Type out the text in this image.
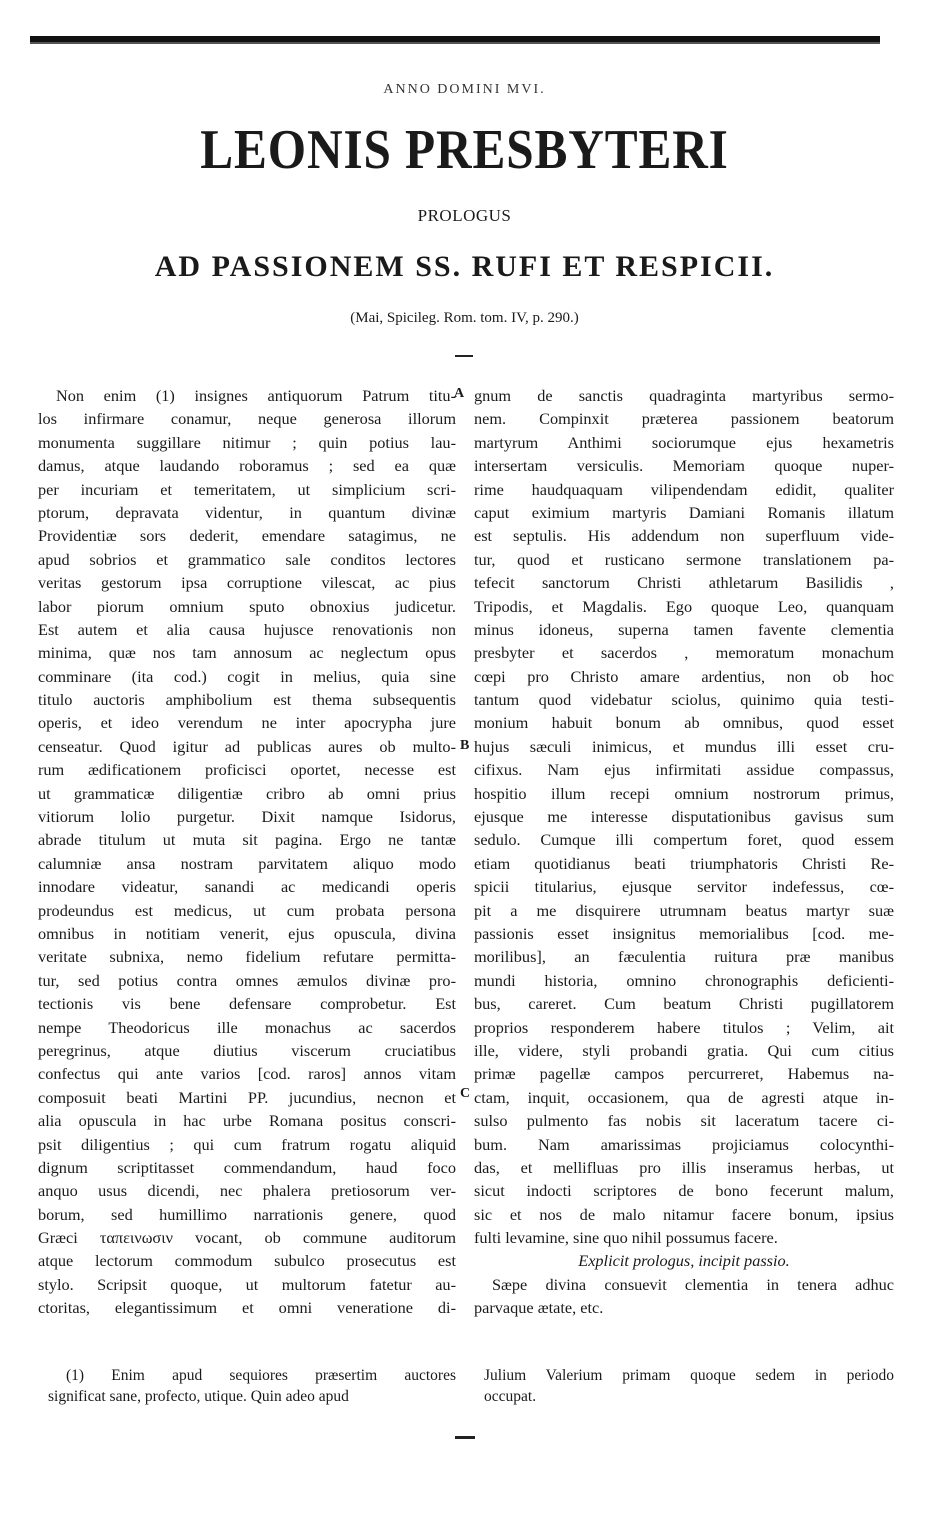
ANNO DOMINI MVI.
LEONIS PRESBYTERI
PROLOGUS
AD PASSIONEM SS. RUFI ET RESPICII.
(Mai, Spicileg. Rom. tom. IV, p. 290.)
Non enim (1) insignes antiquorum Patrum titu-
los infirmare conamur, neque generosa illorum
monumenta suggillare nitimur ; quin potius lau-
damus, atque laudando roboramus ; sed ea quæ
per incuriam et temeritatem, ut simplicium scri-
ptorum, depravata videntur, in quantum divinæ
Providentiæ sors dederit, emendare satagimus, ne
apud sobrios et grammatico sale conditos lectores
veritas gestorum ipsa corruptione vilescat, ac pius
labor piorum omnium sputo obnoxius judicetur.
Est autem et alia causa hujusce renovationis non
minima, quæ nos tam annosum ac neglectum opus
comminare (ita cod.) cogit in melius, quia sine
titulo auctoris amphibolium est thema subsequentis
operis, et ideo verendum ne inter apocrypha jure
censeatur. Quod igitur ad publicas aures ob multo-
rum ædificationem proficisci oportet, necesse est
ut grammaticæ diligentiæ cribro ab omni prius
vitiorum lolio purgetur. Dixit namque Isidorus,
abrade titulum ut muta sit pagina. Ergo ne tantæ
calumniæ ansa nostram parvitatem aliquo modo
innodare videatur, sanandi ac medicandi operis
prodeundus est medicus, ut cum probata persona
omnibus in notitiam venerit, ejus opuscula, divina
veritate subnixa, nemo fidelium refutare permitta-
tur, sed potius contra omnes æmulos divinæ pro-
tectionis vis bene defensare comprobetur. Est
nempe Theodoricus ille monachus ac sacerdos
peregrinus, atque diutius viscerum cruciatibus
confectus qui ante varios [cod. raros] annos vitam
composuit beati Martini PP. jucundius, necnon et
alia opuscula in hac urbe Romana positus conscri-
psit diligentius ; qui cum fratrum rogatu aliquid
dignum scriptitasset commendandum, haud foco
anquo usus dicendi, nec phalera pretiosorum ver-
borum, sed humillimo narrationis genere, quod
Græci ταπεινωσιν vocant, ob commune auditorum
atque lectorum commodum subulco prosecutus est
stylo. Scripsit quoque, ut multorum fatetur au-
ctoritas, elegantissimum et omni veneratione di-
gnum de sanctis quadraginta martyribus sermo-
nem. Compinxit præterea passionem beatorum
martyrum Anthimi sociorumque ejus hexametris
intersertam versiculis. Memoriam quoque nuper-
rime haudquaquam vilipendendam edidit, qualiter
caput eximium martyris Damiani Romanis illatum
est septulis. His addendum non superfluum vide-
tur, quod et rusticano sermone translationem pa-
tefecit sanctorum Christi athletarum Basilidis ,
Tripodis, et Magdalis. Ego quoque Leo, quanquam
minus idoneus, superna tamen favente clementia
presbyter et sacerdos , memoratum monachum
cœpi pro Christo amare ardentius, non ob hoc
tantum quod videbatur sciolus, quinimo quia testi-
monium habuit bonum ab omnibus, quod esset
hujus sæculi inimicus, et mundus illi esset cru-
cifixus. Nam ejus infirmitati assidue compassus,
hospitio illum recepi omnium nostrorum primus,
ejusque me interesse disputationibus gavisus sum
sedulo. Cumque illi compertum foret, quod essem
etiam quotidianus beati triumphatoris Christi Re-
spicii titularius, ejusque servitor indefessus, cœ-
pit a me disquirere utrumnam beatus martyr suæ
passionis esset insignitus memorialibus [cod. me-
morilibus], an fæculentia ruitura præ manibus
mundi historia, omnino chronographis deficienti-
bus, careret. Cum beatum Christi pugillatorem
proprios responderem habere titulos ; Velim, ait
ille, videre, styli probandi gratia. Qui cum citius
primæ pagellæ campos percurreret, Habemus na-
ctam, inquit, occasionem, qua de agresti atque in-
sulso pulmento fas nobis sit laceratum tacere ci-
bum. Nam amarissimas projiciamus colocynthi-
das, et mellifluas pro illis inseramus herbas, ut
sicut indocti scriptores de bono fecerunt malum,
sic et nos de malo nitamur facere bonum, ipsius
fulti levamine, sine quo nihil possumus facere.
Explicit prologus, incipit passio.
Sæpe divina consuevit clementia in tenera adhuc
parvaque ætate, etc.
A
B
C
(1) Enim apud sequiores præsertim auctores
significat sane, profecto, utique. Quin adeo apud
Julium Valerium primam quoque sedem in periodo
occupat.
